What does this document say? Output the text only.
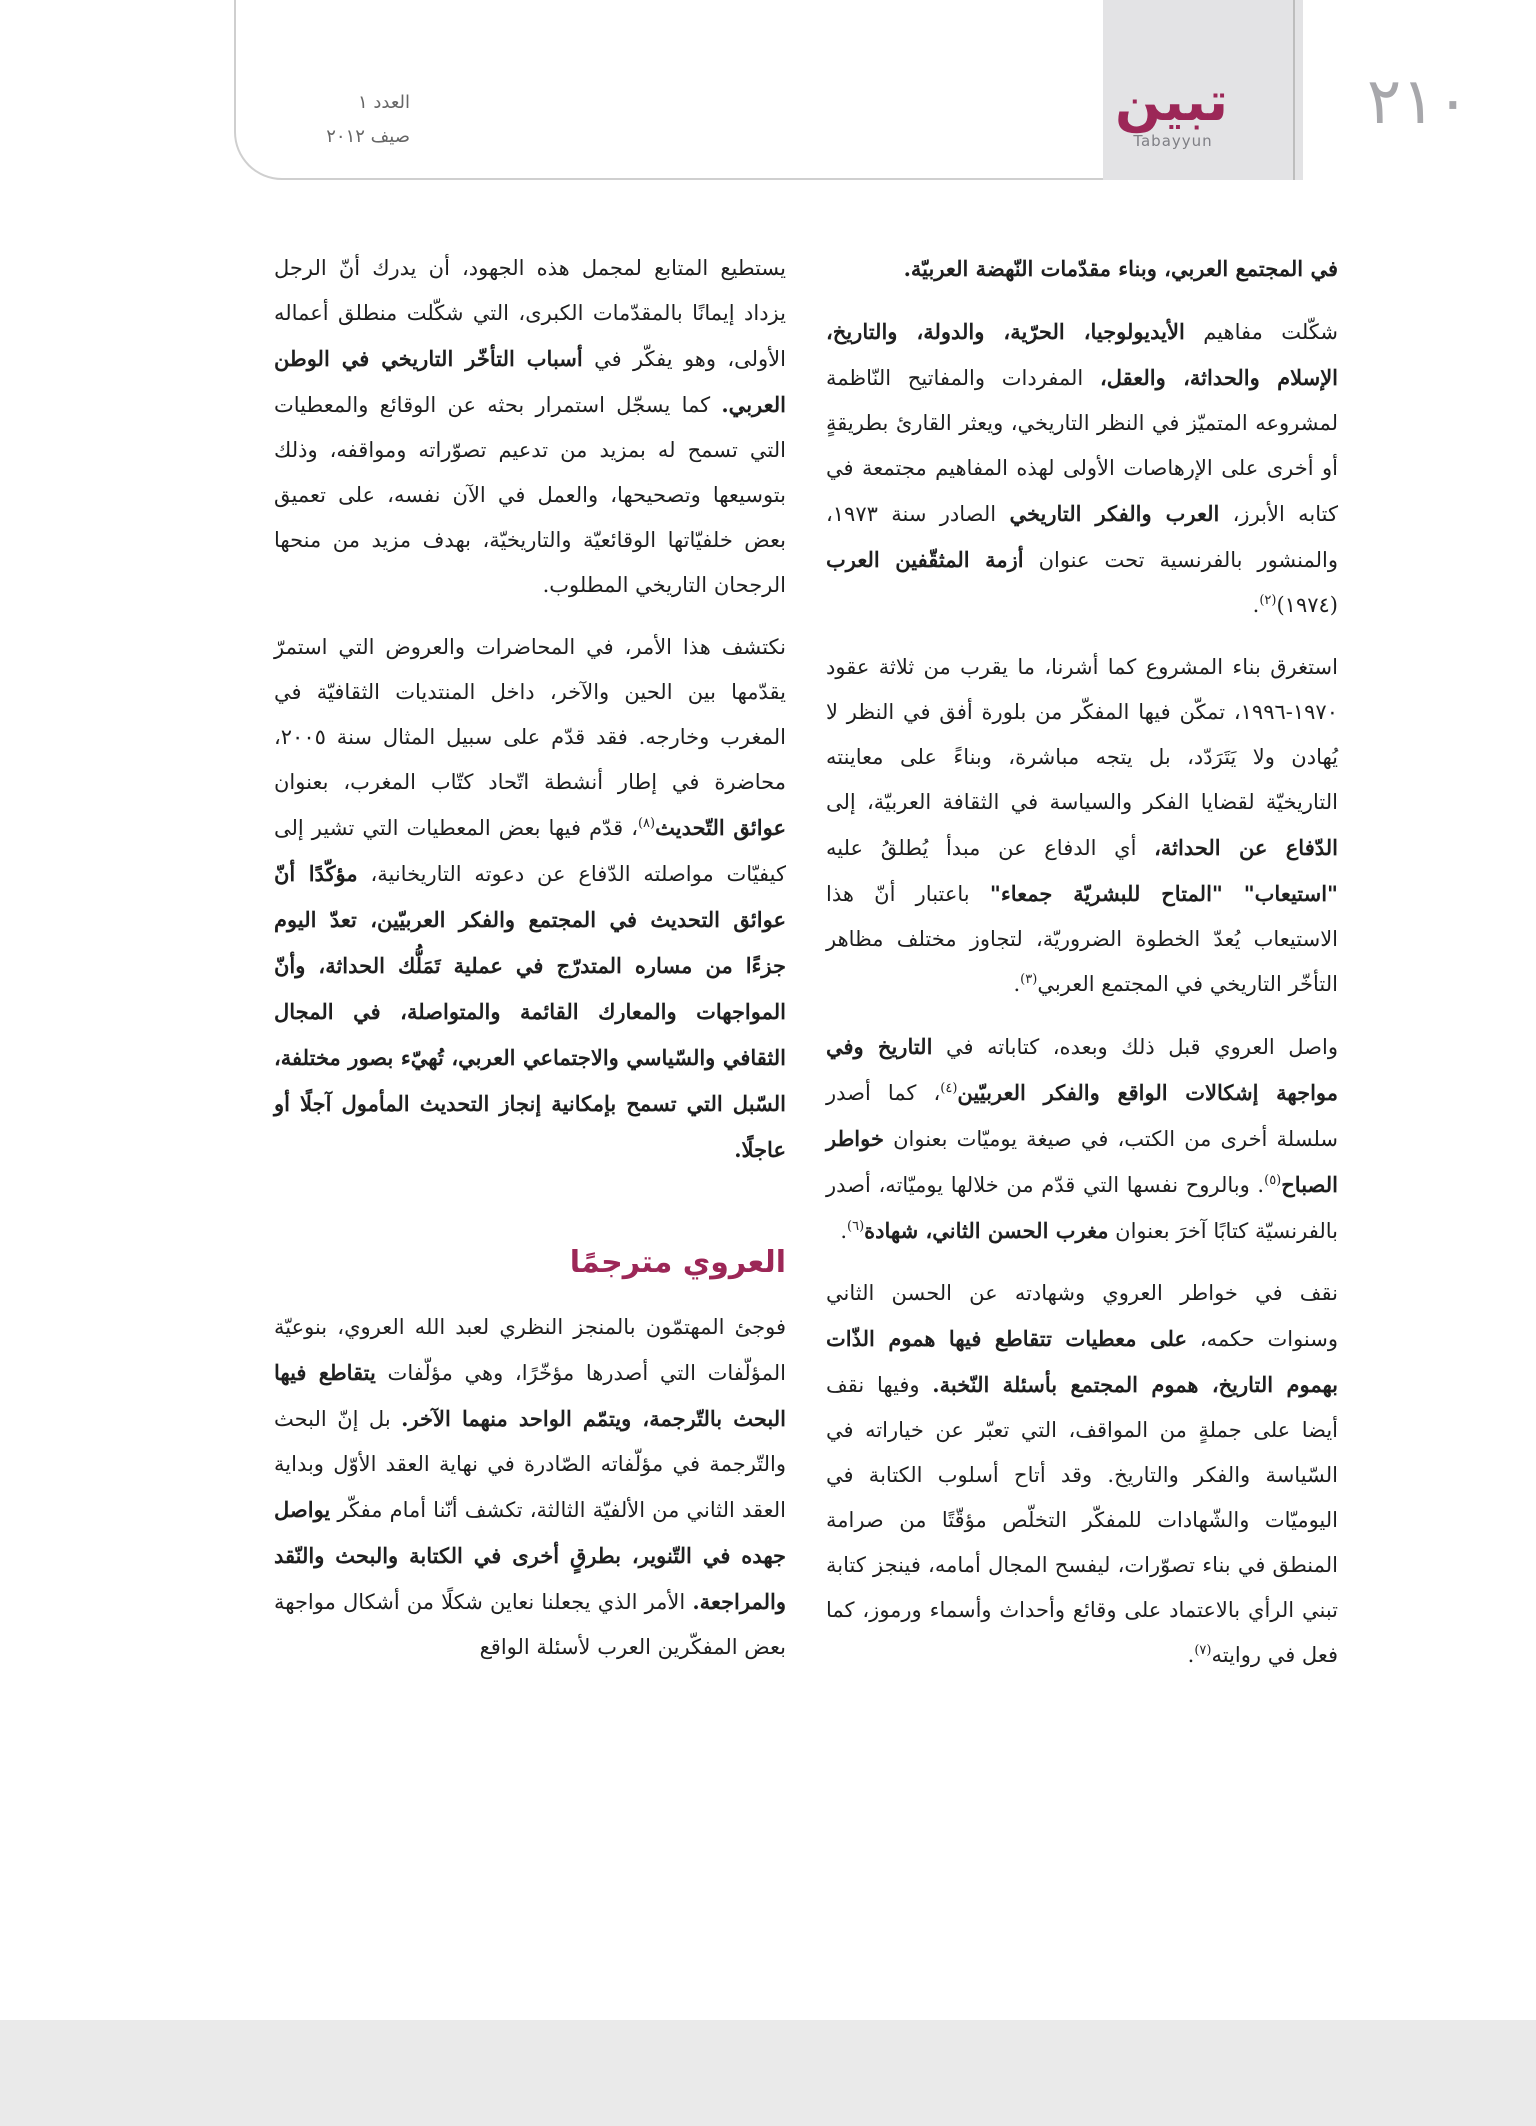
٢١٠
تبين
Tabayyun
العدد ١
صيف ٢٠١٢

في المجتمع العربي، وبناء مقدّمات النّهضة العربيّة.

شكّلت مفاهيم الأيديولوجيا، الحرّية، والدولة، والتاريخ، الإسلام والحداثة، والعقل، المفردات والمفاتيح النّاظمة لمشروعه المتميّز في النظر التاريخي، ويعثر القارئ بطريقةٍ أو أخرى على الإرهاصات الأولى لهذه المفاهيم مجتمعة في كتابه الأبرز، العرب والفكر التاريخي الصادر سنة ١٩٧٣، والمنشور بالفرنسية تحت عنوان أزمة المثقّفين العرب (١٩٧٤)$^{(٢)}$.

استغرق بناء المشروع كما أشرنا، ما يقرب من ثلاثة عقود ١٩٧٠-١٩٩٦، تمكّن فيها المفكّر من بلورة أفق في النظر لا يُهادن ولا يَتَرَدّد، بل يتجه مباشرة، وبناءً على معاينته التاريخيّة لقضايا الفكر والسياسة في الثقافة العربيّة، إلى الدّفاع عن الحداثة، أي الدفاع عن مبدأ يُطلقُ عليه "استيعاب" "المتاح للبشريّة جمعاء" باعتبار أنّ هذا الاستيعاب يُعدّ الخطوة الضروريّة، لتجاوز مختلف مظاهر التأخّر التاريخي في المجتمع العربي$^{(٣)}$.

واصل العروي قبل ذلك وبعده، كتاباته في التاريخ وفي مواجهة إشكالات الواقع والفكر العربيّين$^{(٤)}$، كما أصدر سلسلة أخرى من الكتب، في صيغة يوميّات بعنوان خواطر الصباح$^{(٥)}$. وبالروح نفسها التي قدّم من خلالها يوميّاته، أصدر بالفرنسيّة كتابًا آخرَ بعنوان مغرب الحسن الثاني، شهادة$^{(٦)}$.

نقف في خواطر العروي وشهادته عن الحسن الثاني وسنوات حكمه، على معطيات تتقاطع فيها هموم الذّات بهموم التاريخ، هموم المجتمع بأسئلة النّخبة. وفيها نقف أيضا على جملةٍ من المواقف، التي تعبّر عن خياراته في السّياسة والفكر والتاريخ. وقد أتاح أسلوب الكتابة في اليوميّات والشّهادات للمفكّر التخلّص مؤقّتًا من صرامة المنطق في بناء تصوّرات، ليفسح المجال أمامه، فينجز كتابة تبني الرأي بالاعتماد على وقائع وأحداث وأسماء ورموز، كما فعل في روايته$^{(٧)}$.

يستطيع المتابع لمجمل هذه الجهود، أن يدرك أنّ الرجل يزداد إيمانًا بالمقدّمات الكبرى، التي شكّلت منطلق أعماله الأولى، وهو يفكّر في أسباب التأخّر التاريخي في الوطن العربي. كما يسجّل استمرار بحثه عن الوقائع والمعطيات التي تسمح له بمزيد من تدعيم تصوّراته ومواقفه، وذلك بتوسيعها وتصحيحها، والعمل في الآن نفسه، على تعميق بعض خلفيّاتها الوقائعيّة والتاريخيّة، بهدف مزيد من منحها الرجحان التاريخي المطلوب.

نكتشف هذا الأمر، في المحاضرات والعروض التي استمرّ يقدّمها بين الحين والآخر، داخل المنتديات الثقافيّة في المغرب وخارجه. فقد قدّم على سبيل المثال سنة ٢٠٠٥، محاضرة في إطار أنشطة اتّحاد كتّاب المغرب، بعنوان عوائق التّحديث$^{(٨)}$، قدّم فيها بعض المعطيات التي تشير إلى كيفيّات مواصلته الدّفاع عن دعوته التاريخانية، مؤكّدًا أنّ عوائق التحديث في المجتمع والفكر العربيّين، تعدّ اليوم جزءًا من مساره المتدرّج في عملية تَمَلُّك الحداثة، وأنّ المواجهات والمعارك القائمة والمتواصلة، في المجال الثقافي والسّياسي والاجتماعي العربي، تُهيّء بصور مختلفة، السّبل التي تسمح بإمكانية إنجاز التحديث المأمول آجلًا أو عاجلًا.

العروي مترجمًا

فوجئ المهتمّون بالمنجز النظري لعبد الله العروي، بنوعيّة المؤلّفات التي أصدرها مؤخّرًا، وهي مؤلّفات يتقاطع فيها البحث بالتّرجمة، ويتمّم الواحد منهما الآخر. بل إنّ البحث والتّرجمة في مؤلّفاته الصّادرة في نهاية العقد الأوّل وبداية العقد الثاني من الألفيّة الثالثة، تكشف أنّنا أمام مفكّر يواصل جهده في التّنوير، بطرقٍ أخرى في الكتابة والبحث والنّقد والمراجعة. الأمر الذي يجعلنا نعاين شكلًا من أشكال مواجهة بعض المفكّرين العرب لأسئلة الواقع
